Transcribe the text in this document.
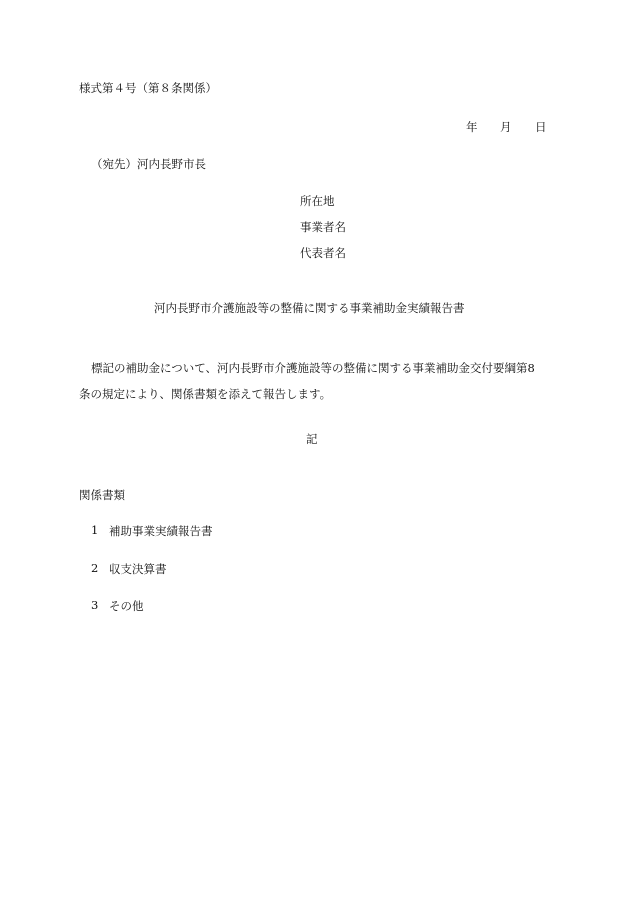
様式第４号（第８条関係）
年 月 日
（宛先）河内長野市長
所在地
事業者名
代表者名
河内長野市介護施設等の整備に関する事業補助金実績報告書
標記の補助金について、河内長野市介護施設等の整備に関する事業補助金交付要綱第8
条の規定により、関係書類を添えて報告します。
記
関係書類
1 補助事業実績報告書
2 収支決算書
3 その他
